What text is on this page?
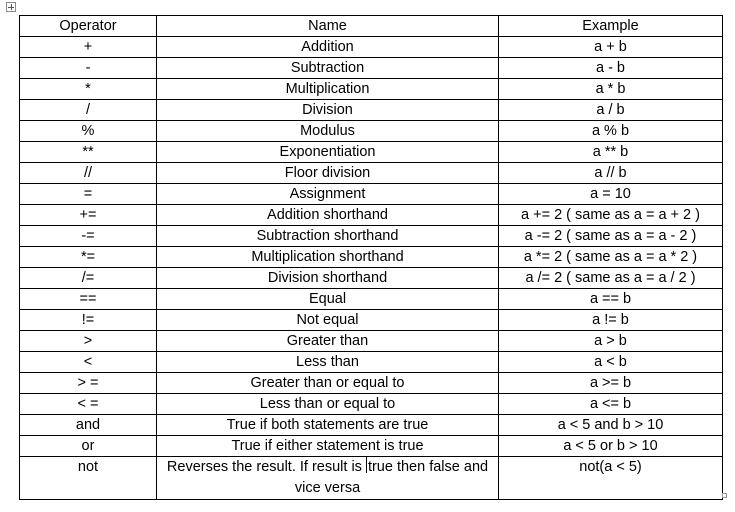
Operator	Name	Example
+	Addition	a + b
-	Subtraction	a - b
*	Multiplication	a * b
/	Division	a / b
%	Modulus	a % b
**	Exponentiation	a ** b
//	Floor division	a // b
=	Assignment	a = 10
+=	Addition shorthand	a += 2 ( same as a = a + 2 )
-=	Subtraction shorthand	a -= 2 ( same as a = a - 2 )
*=	Multiplication shorthand	a *= 2 ( same as a = a * 2 )
/=	Division shorthand	a /= 2 ( same as a = a / 2 )
==	Equal	a == b
!=	Not equal	a != b
>	Greater than	a > b
<	Less than	a < b
> =	Greater than or equal to	a >= b
< =	Less than or equal to	a <= b
and	True if both statements are true	a < 5 and b > 10
or	True if either statement is true	a < 5 or b > 10
not	Reverses the result. If result is true then false and vice versa	not(a < 5)
